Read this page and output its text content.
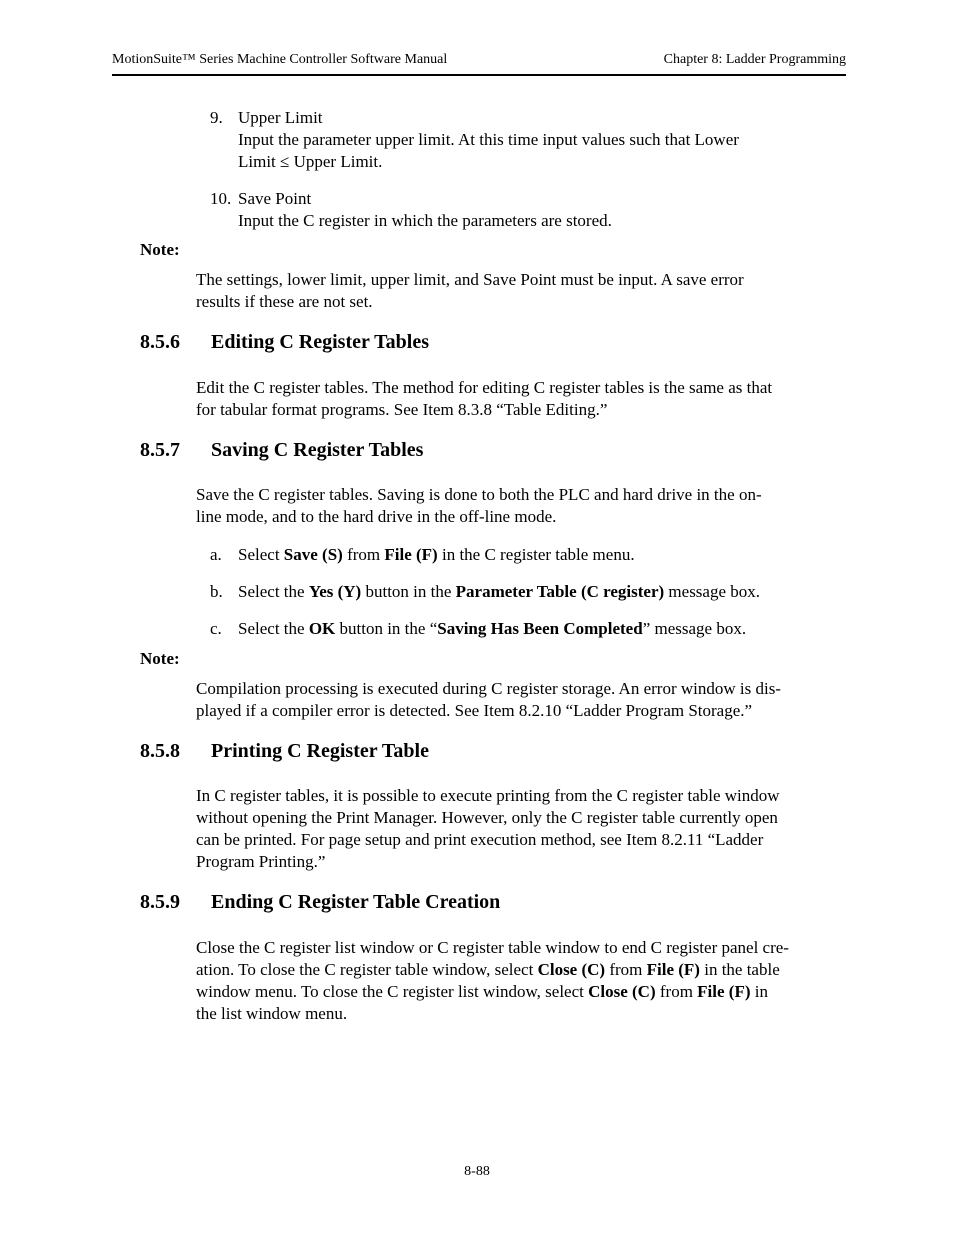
MotionSuite™ Series Machine Controller Software Manual	Chapter 8: Ladder Programming
9. Upper Limit
Input the parameter upper limit. At this time input values such that Lower
Limit ≤ Upper Limit.
10. Save Point
Input the C register in which the parameters are stored.
Note:
The settings, lower limit, upper limit, and Save Point must be input. A save error
results if these are not set.
8.5.6 Editing C Register Tables
Edit the C register tables. The method for editing C register tables is the same as that
for tabular format programs. See Item 8.3.8 “Table Editing.”
8.5.7 Saving C Register Tables
Save the C register tables. Saving is done to both the PLC and hard drive in the on-
line mode, and to the hard drive in the off-line mode.
a. Select Save (S) from File (F) in the C register table menu.
b. Select the Yes (Y) button in the Parameter Table (C register) message box.
c. Select the OK button in the “Saving Has Been Completed” message box.
Note:
Compilation processing is executed during C register storage. An error window is dis-
played if a compiler error is detected. See Item 8.2.10 “Ladder Program Storage.”
8.5.8 Printing C Register Table
In C register tables, it is possible to execute printing from the C register table window
without opening the Print Manager. However, only the C register table currently open
can be printed. For page setup and print execution method, see Item 8.2.11 “Ladder
Program Printing.”
8.5.9 Ending C Register Table Creation
Close the C register list window or C register table window to end C register panel cre-
ation. To close the C register table window, select Close (C) from File (F) in the table
window menu. To close the C register list window, select Close (C) from File (F) in
the list window menu.
8-88
